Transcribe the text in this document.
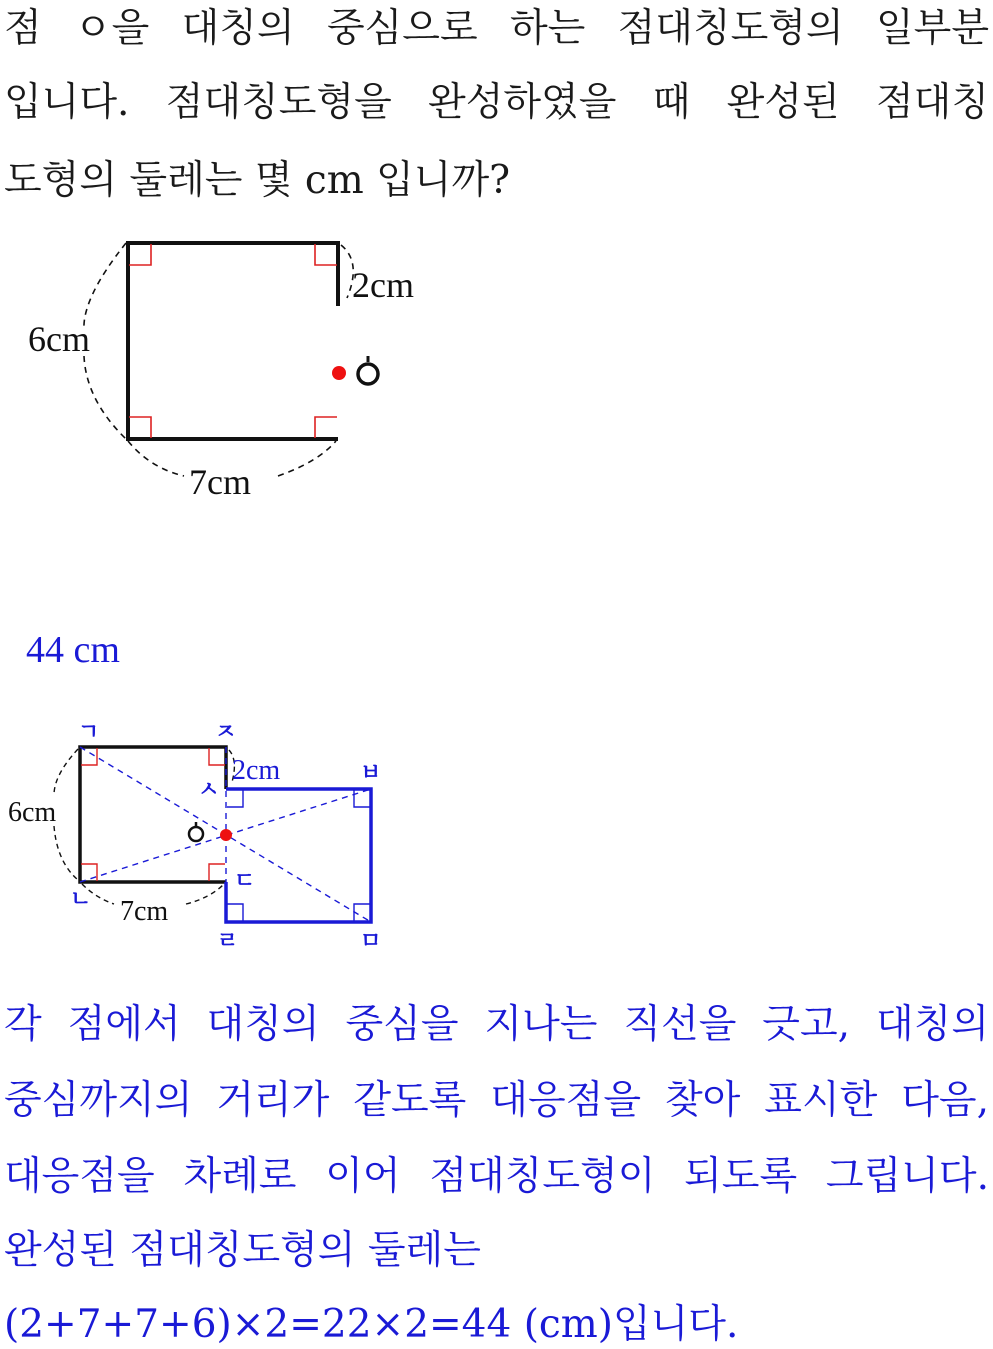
점 ㅇ을 대칭의 중심으로 하는 점대칭도형의 일부분
입니다. 점대칭도형을 완성하였을 때 완성된 점대칭
도형의 둘레는 몇 cm 입니까?
6cm
2cm
7cm
44 cm
6cm
2cm
7cm
ㄱ
ㄴ
ㄷ
ㄹ	ㅁ
ㅂ
ㅅ
ㅈ
각 점에서 대칭의 중심을 지나는 직선을 긋고, 대칭의
중심까지의 거리가 같도록 대응점을 찾아 표시한 다음,
대응점을 차례로 이어 점대칭도형이 되도록 그립니다.
완성된 점대칭도형의 둘레는
(2+7+7+6)×2=22×2=44 (cm)입니다.
